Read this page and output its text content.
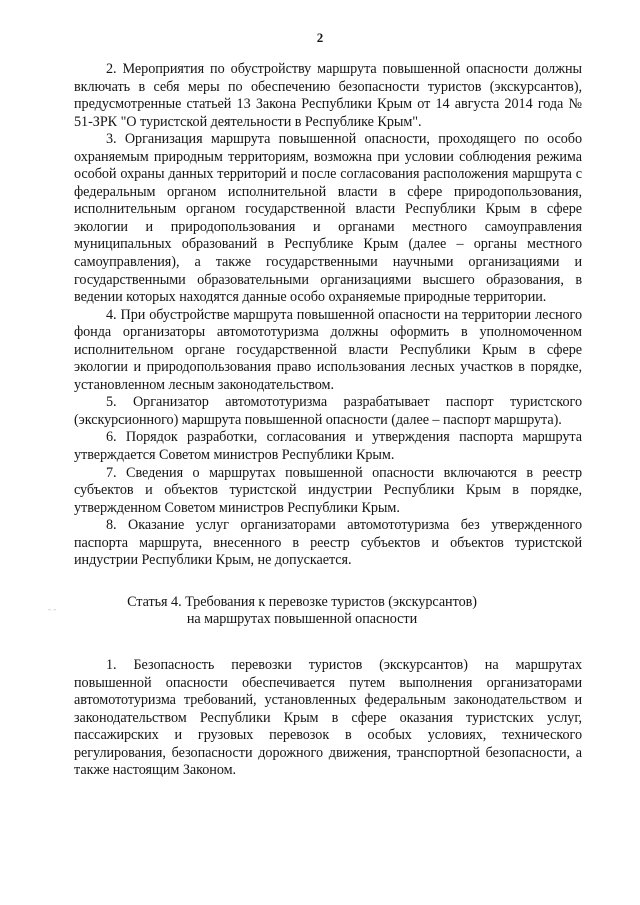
2
- -

2. Мероприятия по обустройству маршрута повышенной опасности должны включать в себя меры по обеспечению безопасности туристов (экскурсантов), предусмотренные статьей 13 Закона Республики Крым от 14 августа 2014 года № 51-ЗРК "О туристской деятельности в Республике Крым".

3. Организация маршрута повышенной опасности, проходящего по особо охраняемым природным территориям, возможна при условии соблюдения режима особой охраны данных территорий и после согласования расположения маршрута с федеральным органом исполнительной власти в сфере природопользования, исполнительным органом государственной власти Республики Крым в сфере экологии и природопользования и органами местного самоуправления муниципальных образований в Республике Крым (далее – органы местного самоуправления), а также государственными научными организациями и государственными образовательными организациями высшего образования, в ведении которых находятся данные особо охраняемые природные территории.

4. При обустройстве маршрута повышенной опасности на территории лесного фонда организаторы автомототуризма должны оформить в уполномоченном исполнительном органе государственной власти Республики Крым в сфере экологии и природопользования право использования лесных участков в порядке, установленном лесным законодательством.

5. Организатор автомототуризма разрабатывает паспорт туристского (экскурсионного) маршрута повышенной опасности (далее – паспорт маршрута).

6. Порядок разработки, согласования и утверждения паспорта маршрута утверждается Советом министров Республики Крым.

7. Сведения о маршрутах повышенной опасности включаются в реестр субъектов и объектов туристской индустрии Республики Крым в порядке, утвержденном Советом министров Республики Крым.

8. Оказание услуг организаторами автомототуризма без утвержденного паспорта маршрута, внесенного в реестр субъектов и объектов туристской индустрии Республики Крым, не допускается.

Статья 4. Требования к перевозке туристов (экскурсантов)
на маршрутах повышенной опасности

1. Безопасность перевозки туристов (экскурсантов) на маршрутах повышенной опасности обеспечивается путем выполнения организаторами автомототуризма требований, установленных федеральным законодательством и законодательством Республики Крым в сфере оказания туристских услуг, пассажирских и грузовых перевозок в особых условиях, технического регулирования, безопасности дорожного движения, транспортной безопасности, а также настоящим Законом.
